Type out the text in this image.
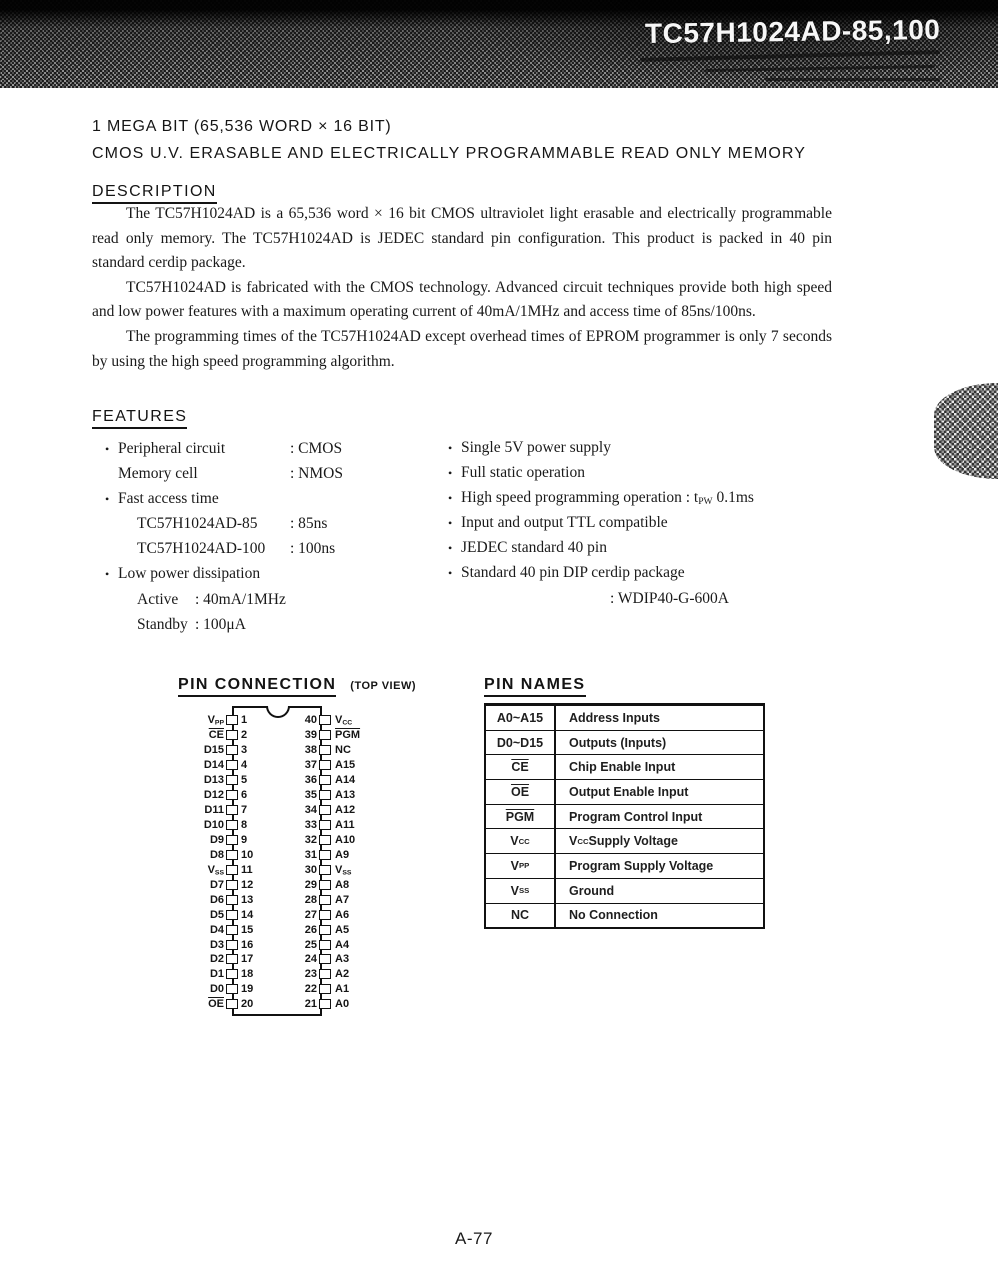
TC57H1024AD-85,100
1 MEGA BIT (65,536 WORD × 16 BIT)
CMOS U.V. ERASABLE AND ELECTRICALLY PROGRAMMABLE READ ONLY MEMORY
DESCRIPTION

The TC57H1024AD is a 65,536 word × 16 bit CMOS ultraviolet light erasable and electrically programmable read only memory. The TC57H1024AD is JEDEC standard pin configuration. This product is packed in 40 pin standard cerdip package.

TC57H1024AD is fabricated with the CMOS technology. Advanced circuit techniques provide both high speed and low power features with a maximum operating current of 40mA/1MHz and access time of 85ns/100ns.

The programming times of the TC57H1024AD except overhead times of EPROM programmer is only 7 seconds by using the high speed programming algorithm.

FEATURES
• Peripheral circuit	: CMOS
Memory cell	: NMOS
• Fast access time
TC57H1024AD-85	: 85ns
TC57H1024AD-100	: 100ns
• Low power dissipation
Active	: 40mA/1MHz
Standby : 100μA
• Single 5V power supply
• Full static operation
• High speed programming operation : $t_{PW}$ 0.1ms
• Input and output TTL compatible
• JEDEC standard 40 pin
• Standard 40 pin DIP cerdip package
: WDIP40-G-600A
PIN CONNECTION (TOP VIEW)
$V_{PP}$ 1
$\overline{CE}$ 2
D15 3
D14 4
D13 5
D12 6
D11 7
D10 8
D9 9
D8 10
$V_{SS}$ 11
D7 12
D6 13
D5 14
D4 15
D3 16
D2 17
D1 18
D0 19
$\overline{OE}$ 20
40 $V_{CC}$
39 $\overline{PGM}$
38 NC
37 A15
36 A14
35 A13
34 A12
33 A11
32 A10
31 A9
30 $V_{SS}$
29 A8
28 A7
27 A6
26 A5
25 A4
24 A3
23 A2
22 A1
21 A0
PIN NAMES
A0~A15	Address Inputs
D0~D15	Outputs (Inputs)
$\overline{CE}$	Chip Enable Input
$\overline{OE}$	Output Enable Input
$\overline{PGM}$	Program Control Input
V CC	V CC Supply Voltage
V PP	Program Supply Voltage
V SS	Ground
NC	No Connection
A-77
